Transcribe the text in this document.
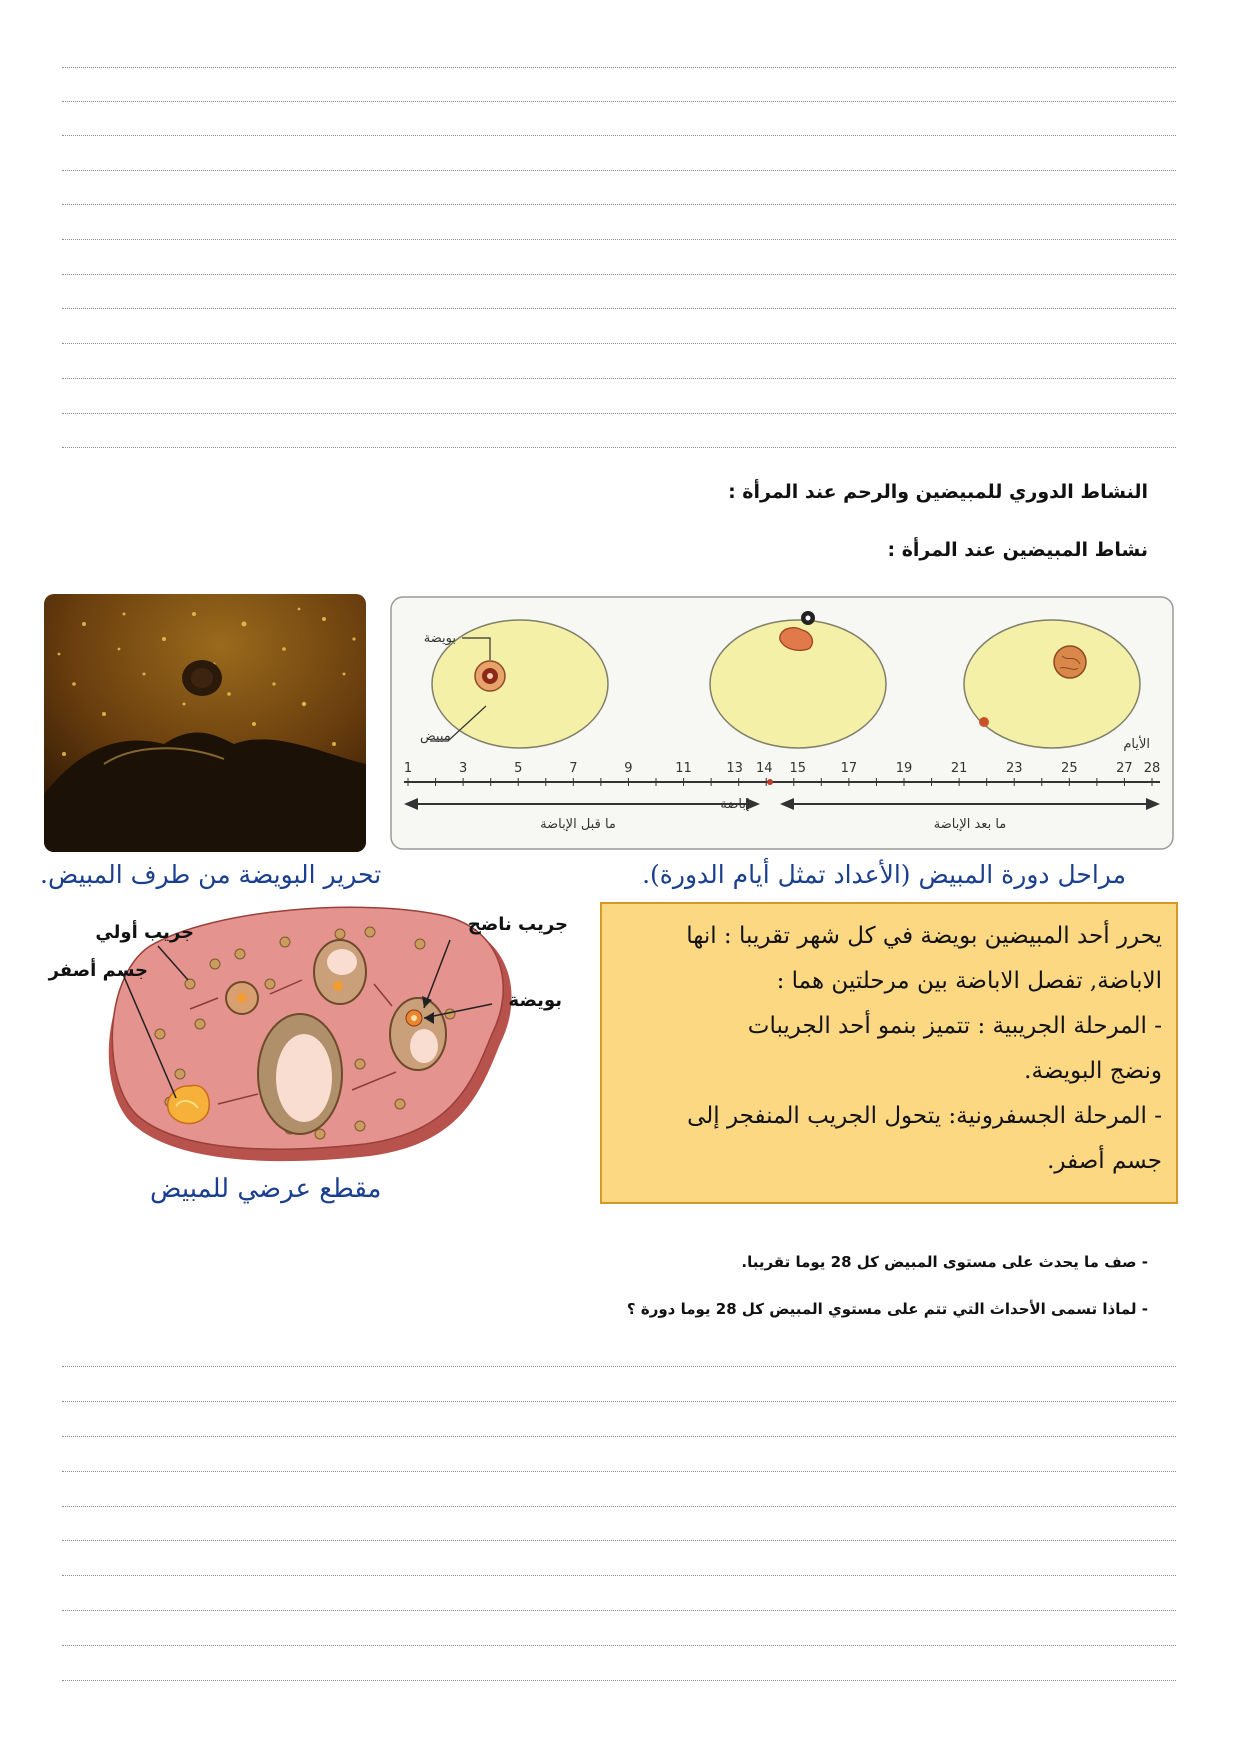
النشاط الدوري للمبيضين والرحم عند المرأة :
نشاط المبيضين عند المرأة :
تحرير البويضة من طرف المبيض.
بويضة
مبيض
الأيام
1	3	5	7	9	11	13 14 15	17	19	21	23	25	27 28
ما قبل الإباضة
إباضة
ما بعد الإباضة
مراحل دورة المبيض (الأعداد تمثل أيام الدورة).
جريب أولي
جسم أصفر
جريب ناضج
بويضة
مقطع عرضي للمبيض
يحرر أحد المبيضين بويضة في كل شهر تقريبا : انها
الاباضة, تفصل الاباضة بين مرحلتين هما :
- المرحلة الجريبية : تتميز بنمو أحد الجريبات
ونضج البويضة.
- المرحلة الجسفرونية: يتحول الجريب المنفجر إلى
جسم أصفر.
- صف ما يحدث على مستوى المبيض كل 28 يوما تقريبا.
- لماذا تسمى الأحداث التي تتم على مستوي المبيض كل 28 يوما دورة ؟
